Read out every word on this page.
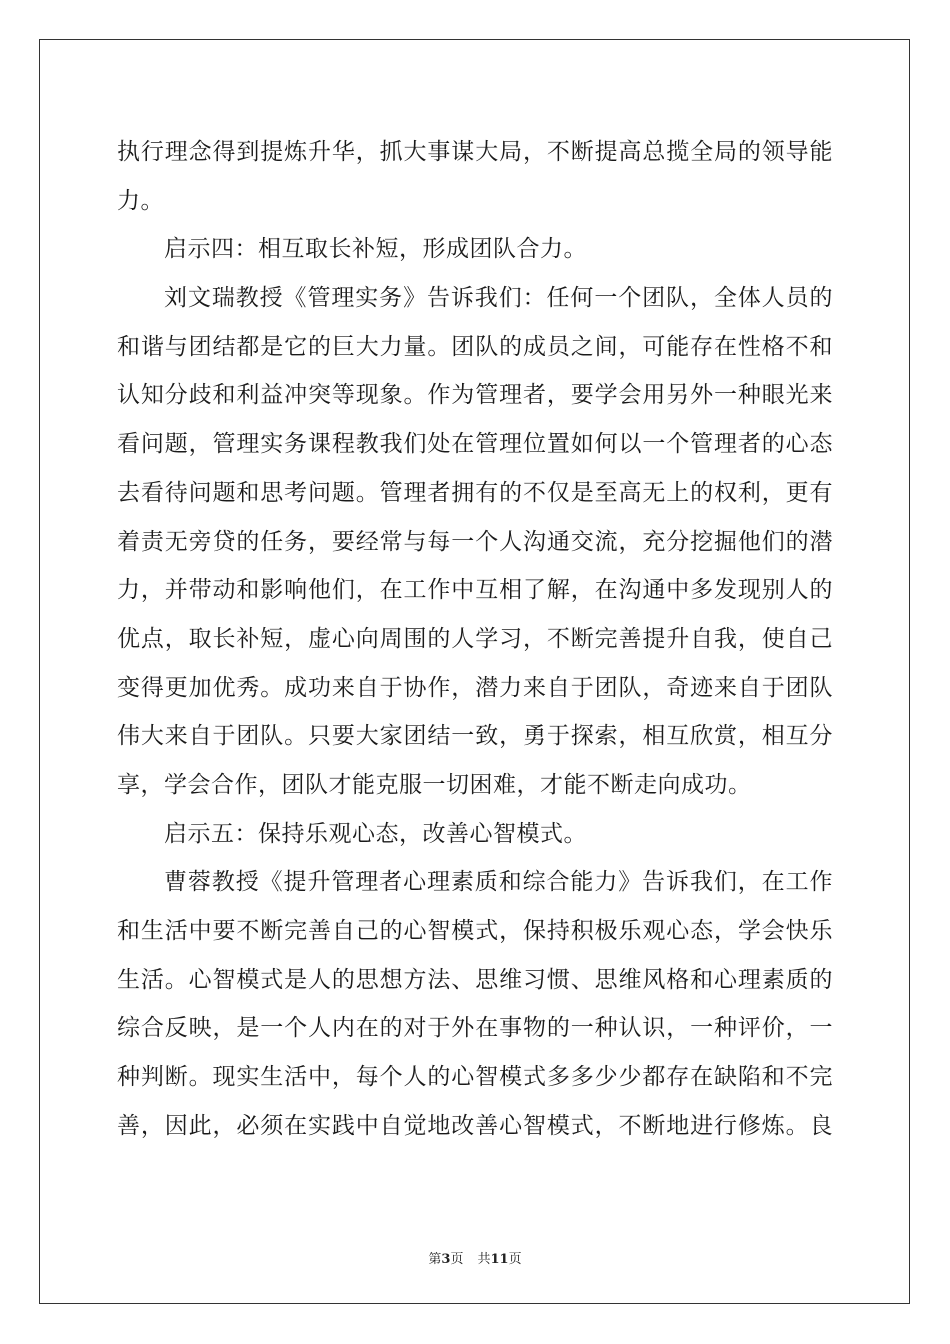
执行理念得到提炼升华，抓大事谋大局，不断提高总揽全局的领导能
力。
启示四：相互取长补短，形成团队合力。
刘文瑞教授《管理实务》告诉我们：任何一个团队，全体人员的
和谐与团结都是它的巨大力量。团队的成员之间，可能存在性格不和
认知分歧和利益冲突等现象。作为管理者，要学会用另外一种眼光来
看问题，管理实务课程教我们处在管理位置如何以一个管理者的心态
去看待问题和思考问题。管理者拥有的不仅是至高无上的权利，更有
着责无旁贷的任务，要经常与每一个人沟通交流，充分挖掘他们的潜
力，并带动和影响他们，在工作中互相了解，在沟通中多发现别人的
优点，取长补短，虚心向周围的人学习，不断完善提升自我，使自己
变得更加优秀。成功来自于协作，潜力来自于团队，奇迹来自于团队
伟大来自于团队。只要大家团结一致，勇于探索，相互欣赏，相互分
享，学会合作，团队才能克服一切困难，才能不断走向成功。
启示五：保持乐观心态，改善心智模式。
曹蓉教授《提升管理者心理素质和综合能力》告诉我们，在工作
和生活中要不断完善自己的心智模式，保持积极乐观心态，学会快乐
生活。心智模式是人的思想方法、思维习惯、思维风格和心理素质的
综合反映，是一个人内在的对于外在事物的一种认识，一种评价，一
种判断。现实生活中，每个人的心智模式多多少少都存在缺陷和不完
善，因此，必须在实践中自觉地改善心智模式，不断地进行修炼。良
第3页 共11页
